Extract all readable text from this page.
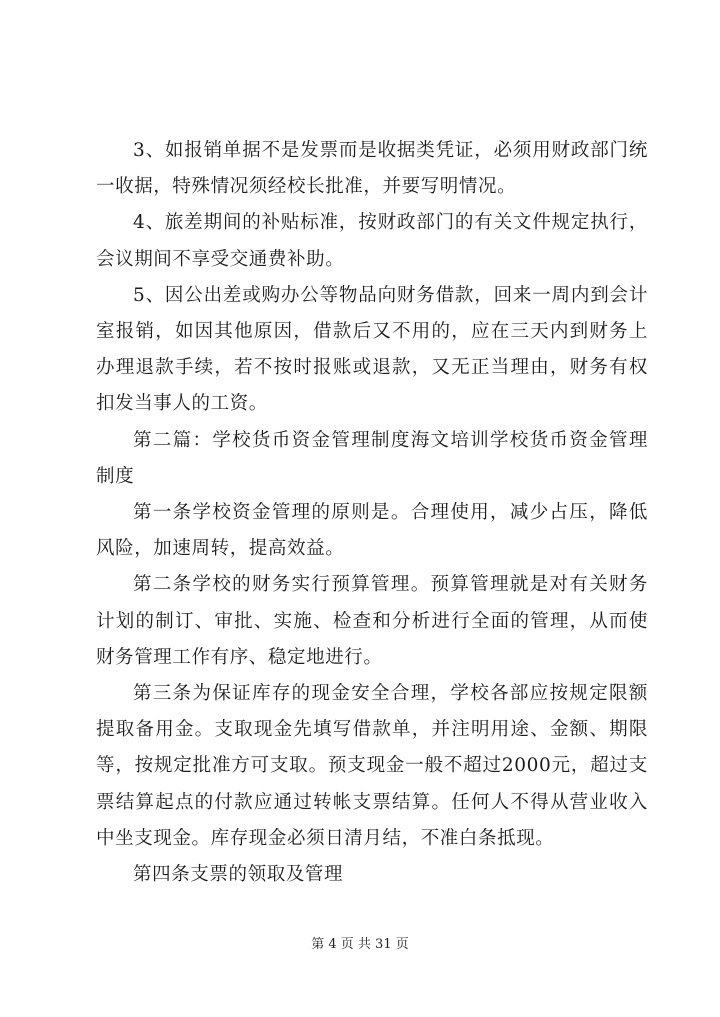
3、如报销单据不是发票而是收据类凭证，必须用财政部门统一收据，特殊情况须经校长批准，并要写明情况。

4、旅差期间的补贴标准，按财政部门的有关文件规定执行，会议期间不享受交通费补助。

5、因公出差或购办公等物品向财务借款，回来一周内到会计室报销，如因其他原因，借款后又不用的，应在三天内到财务上办理退款手续，若不按时报账或退款，又无正当理由，财务有权扣发当事人的工资。

第二篇：学校货币资金管理制度海文培训学校货币资金管理制度

第一条学校资金管理的原则是。合理使用，减少占压，降低风险，加速周转，提高效益。

第二条学校的财务实行预算管理。预算管理就是对有关财务计划的制订、审批、实施、检查和分析进行全面的管理，从而使财务管理工作有序、稳定地进行。

第三条为保证库存的现金安全合理，学校各部应按规定限额提取备用金。支取现金先填写借款单，并注明用途、金额、期限等，按规定批准方可支取。预支现金一般不超过2000元，超过支票结算起点的付款应通过转帐支票结算。任何人不得从营业收入中坐支现金。库存现金必须日清月结，不准白条抵现。

第四条支票的领取及管理

第 4 页 共 31 页
